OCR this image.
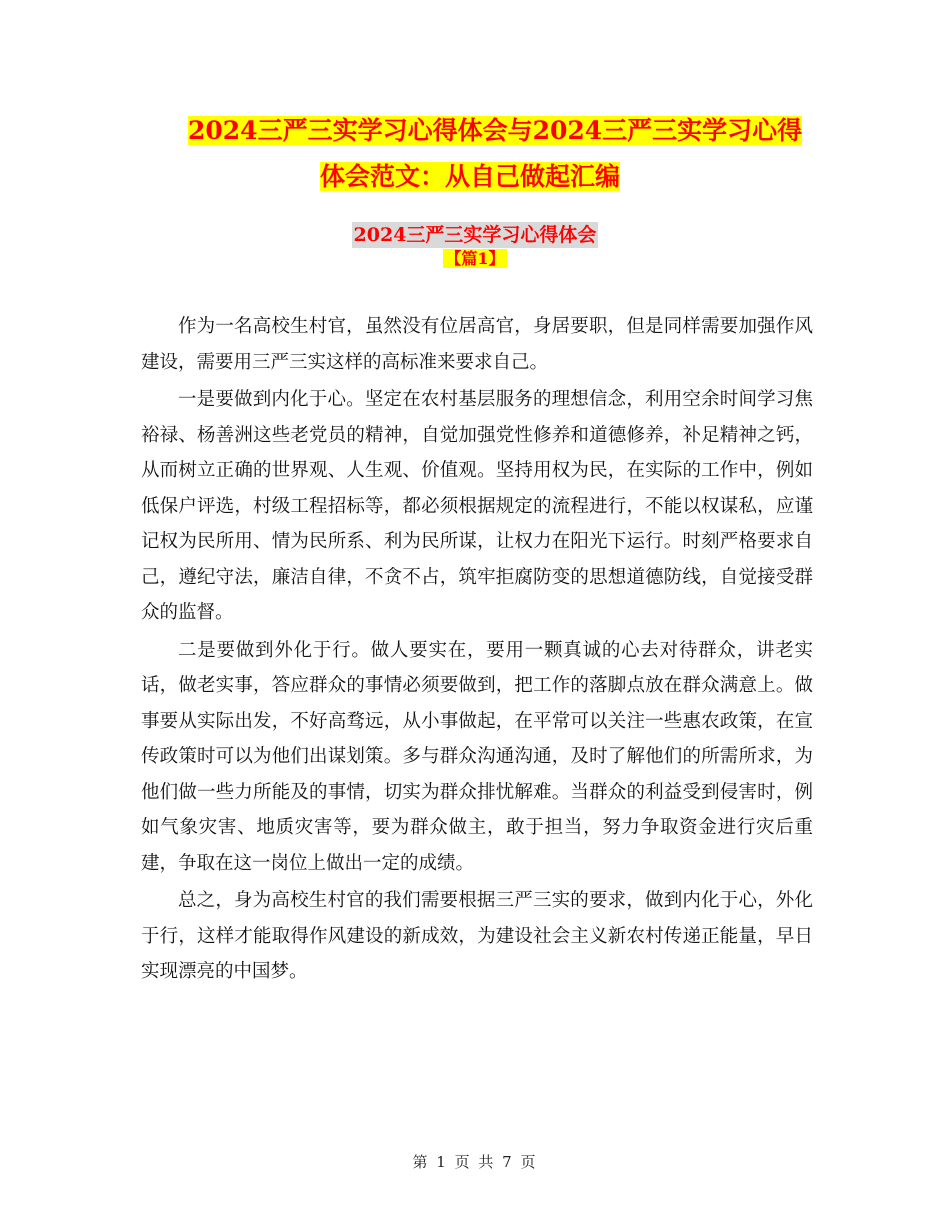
2024三严三实学习心得体会与2024三严三实学习心得
体会范文：从自己做起汇编
2024三严三实学习心得体会
【篇1】

作为一名高校生村官，虽然没有位居高官，身居要职，但是同样需要加强作风建设，需要用三严三实这样的高标准来要求自己。

一是要做到内化于心。坚定在农村基层服务的理想信念，利用空余时间学习焦裕禄、杨善洲这些老党员的精神，自觉加强党性修养和道德修养，补足精神之钙，从而树立正确的世界观、人生观、价值观。坚持用权为民，在实际的工作中，例如低保户评选，村级工程招标等，都必须根据规定的流程进行，不能以权谋私，应谨记权为民所用、情为民所系、利为民所谋，让权力在阳光下运行。时刻严格要求自己，遵纪守法，廉洁自律，不贪不占，筑牢拒腐防变的思想道德防线，自觉接受群众的监督。

二是要做到外化于行。做人要实在，要用一颗真诚的心去对待群众，讲老实话，做老实事，答应群众的事情必须要做到，把工作的落脚点放在群众满意上。做事要从实际出发，不好高骛远，从小事做起，在平常可以关注一些惠农政策，在宣传政策时可以为他们出谋划策。多与群众沟通沟通，及时了解他们的所需所求，为他们做一些力所能及的事情，切实为群众排忧解难。当群众的利益受到侵害时，例如气象灾害、地质灾害等，要为群众做主，敢于担当，努力争取资金进行灾后重建，争取在这一岗位上做出一定的成绩。

总之，身为高校生村官的我们需要根据三严三实的要求，做到内化于心，外化于行，这样才能取得作风建设的新成效，为建设社会主义新农村传递正能量，早日实现漂亮的中国梦。

第 1 页 共 7 页
